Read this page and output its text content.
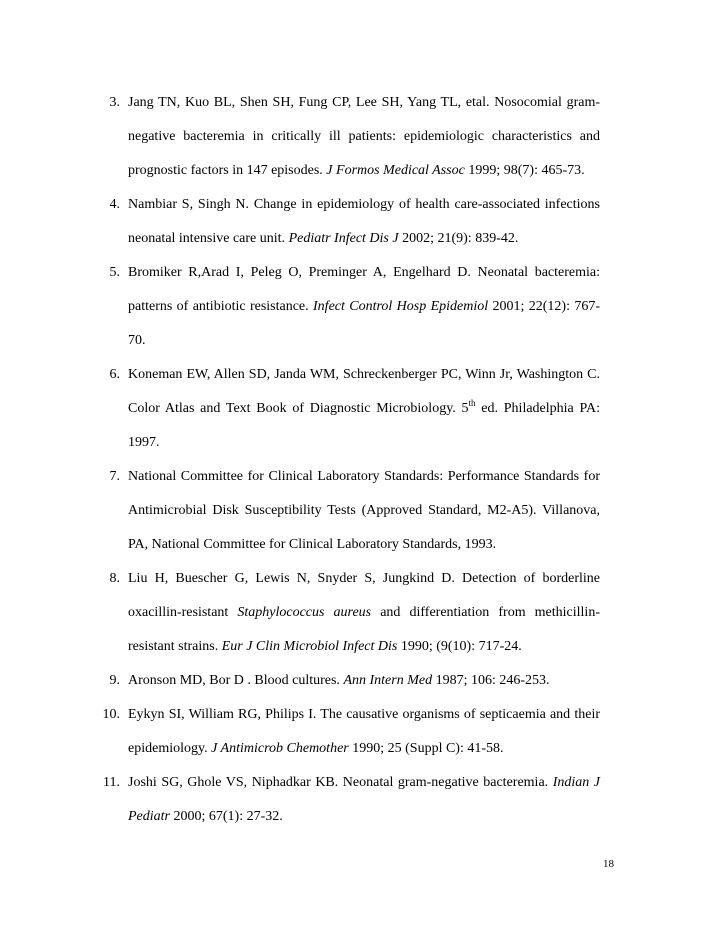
3. Jang TN, Kuo BL, Shen SH, Fung CP, Lee SH, Yang TL, etal. Nosocomial gram-negative bacteremia in critically ill patients: epidemiologic characteristics and prognostic factors in 147 episodes. J Formos Medical Assoc 1999; 98(7): 465-73.
4. Nambiar S, Singh N. Change in epidemiology of health care-associated infections neonatal intensive care unit. Pediatr Infect Dis J 2002; 21(9): 839-42.
5. Bromiker R,Arad I, Peleg O, Preminger A, Engelhard D. Neonatal bacteremia: patterns of antibiotic resistance. Infect Control Hosp Epidemiol 2001; 22(12): 767-70.
6. Koneman EW, Allen SD, Janda WM, Schreckenberger PC, Winn Jr, Washington C. Color Atlas and Text Book of Diagnostic Microbiology. 5th ed. Philadelphia PA: 1997.
7. National Committee for Clinical Laboratory Standards: Performance Standards for Antimicrobial Disk Susceptibility Tests (Approved Standard, M2-A5). Villanova, PA, National Committee for Clinical Laboratory Standards, 1993.
8. Liu H, Buescher G, Lewis N, Snyder S, Jungkind D. Detection of borderline oxacillin-resistant Staphylococcus aureus and differentiation from methicillin-resistant strains. Eur J Clin Microbiol Infect Dis 1990; (9(10): 717-24.
9. Aronson MD, Bor D . Blood cultures. Ann Intern Med 1987; 106: 246-253.
10. Eykyn SI, William RG, Philips I. The causative organisms of septicaemia and their epidemiology. J Antimicrob Chemother 1990; 25 (Suppl C): 41-58.
11. Joshi SG, Ghole VS, Niphadkar KB. Neonatal gram-negative bacteremia. Indian J Pediatr 2000; 67(1): 27-32.
18
